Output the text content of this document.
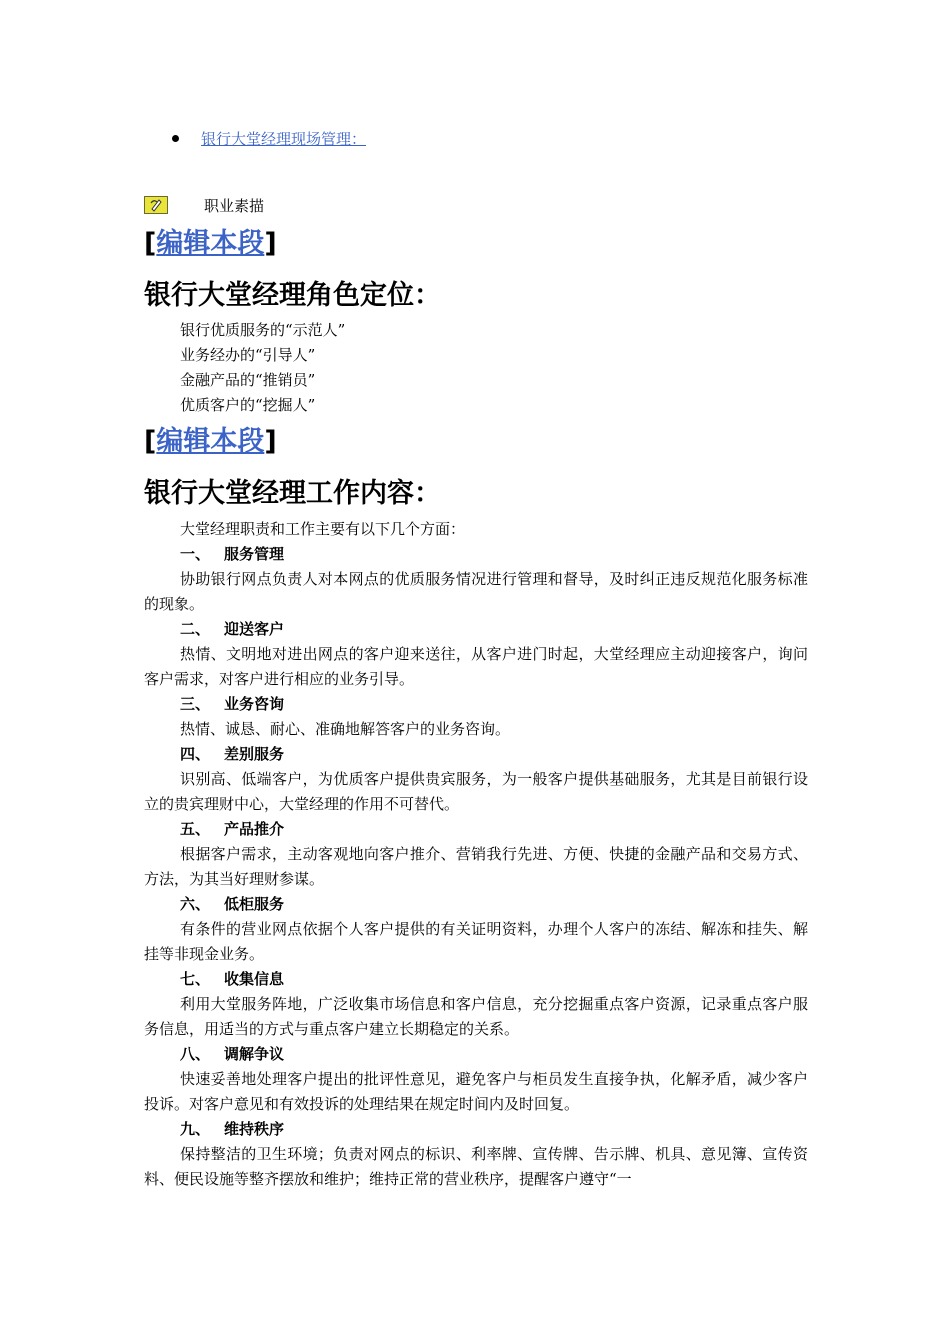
银行大堂经理现场管理：
职业素描
[编辑本段]
银行大堂经理角色定位：

银行优质服务的“示范人”

业务经办的“引导人”

金融产品的“推销员”

优质客户的“挖掘人”

[编辑本段]
银行大堂经理工作内容：

大堂经理职责和工作主要有以下几个方面：

一、 服务管理

协助银行网点负责人对本网点的优质服务情况进行管理和督导，及时纠正违反规范化服务标准的现象。

二、 迎送客户

热情、文明地对进出网点的客户迎来送往，从客户进门时起，大堂经理应主动迎接客户，询问客户需求，对客户进行相应的业务引导。

三、 业务咨询

热情、诚恳、耐心、准确地解答客户的业务咨询。

四、 差别服务

识别高、低端客户，为优质客户提供贵宾服务，为一般客户提供基础服务，尤其是目前银行设立的贵宾理财中心，大堂经理的作用不可替代。

五、 产品推介

根据客户需求，主动客观地向客户推介、营销我行先进、方便、快捷的金融产品和交易方式、方法，为其当好理财参谋。

六、 低柜服务

有条件的营业网点依据个人客户提供的有关证明资料，办理个人客户的冻结、解冻和挂失、解挂等非现金业务。

七、 收集信息

利用大堂服务阵地，广泛收集市场信息和客户信息，充分挖掘重点客户资源，记录重点客户服务信息，用适当的方式与重点客户建立长期稳定的关系。

八、 调解争议

快速妥善地处理客户提出的批评性意见，避免客户与柜员发生直接争执，化解矛盾，减少客户投诉。对客户意见和有效投诉的处理结果在规定时间内及时回复。

九、 维持秩序

保持整洁的卫生环境；负责对网点的标识、利率牌、宣传牌、告示牌、机具、意见簿、宣传资料、便民设施等整齐摆放和维护；维持正常的营业秩序，提醒客户遵守“一
